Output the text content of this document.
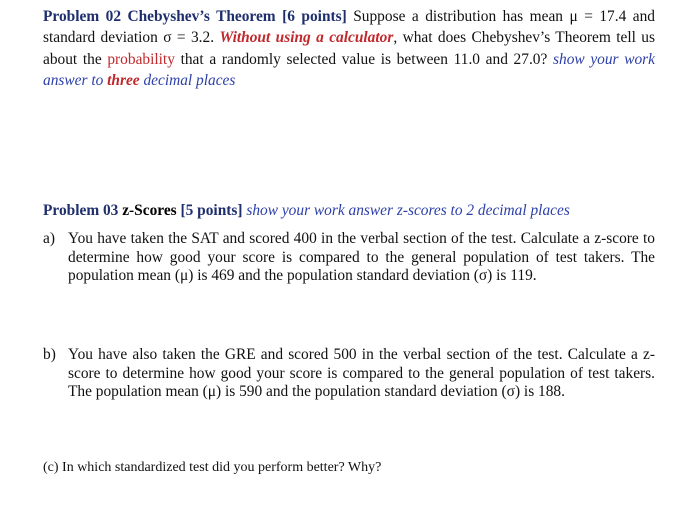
Problem 02 Chebyshev’s Theorem [6 points] Suppose a distribution has mean μ = 17.4 and
standard deviation σ = 3.2. Without using a calculator, what does Chebyshev’s Theorem tell us
about the probability that a randomly selected value is between 11.0 and 27.0? show your work
answer to three decimal places
Problem 03 z-Scores [5 points] show your work answer z-scores to 2 decimal places
a) You have taken the SAT and scored 400 in the verbal section of the test. Calculate a z-score to
determine how good your score is compared to the general population of test takers. The
population mean (μ) is 469 and the population standard deviation (σ) is 119.
b) You have also taken the GRE and scored 500 in the verbal section of the test. Calculate a z-
score to determine how good your score is compared to the general population of test takers.
The population mean (μ) is 590 and the population standard deviation (σ) is 188.
(c) In which standardized test did you perform better? Why?
